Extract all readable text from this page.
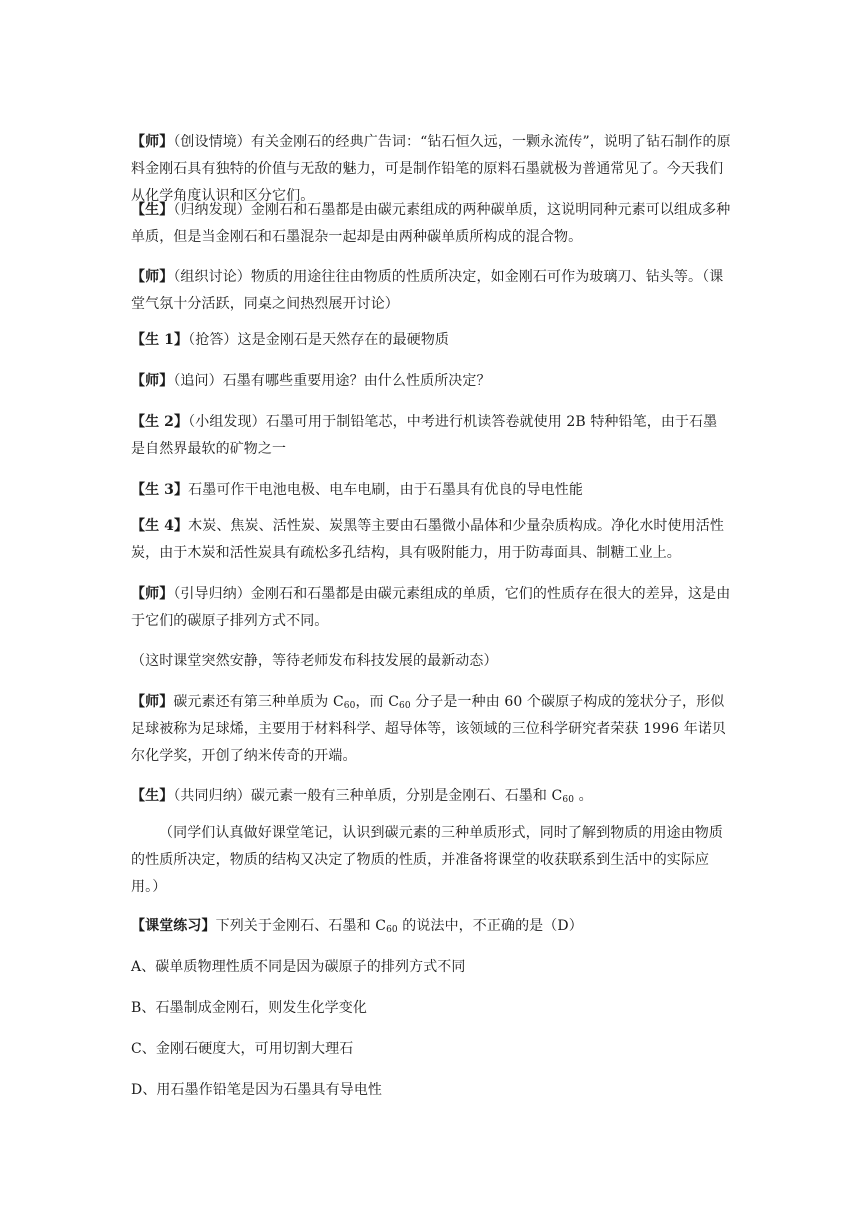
【师】（创设情境）有关金刚石的经典广告词：“钻石恒久远，一颗永流传”，说明了钻石制作的原料金刚石具有独特的价值与无敌的魅力，可是制作铅笔的原料石墨就极为普通常见了。今天我们从化学角度认识和区分它们。

【生】（归纳发现）金刚石和石墨都是由碳元素组成的两种碳单质，这说明同种元素可以组成多种单质，但是当金刚石和石墨混杂一起却是由两种碳单质所构成的混合物。

【师】（组织讨论）物质的用途往往由物质的性质所决定，如金刚石可作为玻璃刀、钻头等。（课堂气氛十分活跃，同桌之间热烈展开讨论）

【生 1】（抢答）这是金刚石是天然存在的最硬物质

【师】（追问）石墨有哪些重要用途？由什么性质所决定？

【生 2】（小组发现）石墨可用于制铅笔芯，中考进行机读答卷就使用 2B 特种铅笔，由于石墨是自然界最软的矿物之一

【生 3】石墨可作干电池电极、电车电刷，由于石墨具有优良的导电性能

【生 4】木炭、焦炭、活性炭、炭黑等主要由石墨微小晶体和少量杂质构成。净化水时使用活性炭，由于木炭和活性炭具有疏松多孔结构，具有吸附能力，用于防毒面具、制糖工业上。

【师】（引导归纳）金刚石和石墨都是由碳元素组成的单质，它们的性质存在很大的差异，这是由于它们的碳原子排列方式不同。

（这时课堂突然安静，等待老师发布科技发展的最新动态）

【师】碳元素还有第三种单质为 $C_{60}$，而 $C_{60}$ 分子是一种由 60 个碳原子构成的笼状分子，形似足球被称为足球烯，主要用于材料科学、超导体等，该领域的三位科学研究者荣获 1996 年诺贝尔化学奖，开创了纳米传奇的开端。

【生】（共同归纳）碳元素一般有三种单质，分别是金刚石、石墨和 $C_{60}$ 。

（同学们认真做好课堂笔记，认识到碳元素的三种单质形式，同时了解到物质的用途由物质的性质所决定，物质的结构又决定了物质的性质，并准备将课堂的收获联系到生活中的实际应用。）

【课堂练习】下列关于金刚石、石墨和 $C_{60}$ 的说法中，不正确的是（D）

A、碳单质物理性质不同是因为碳原子的排列方式不同

B、石墨制成金刚石，则发生化学变化

C、金刚石硬度大，可用切割大理石

D、用石墨作铅笔是因为石墨具有导电性
